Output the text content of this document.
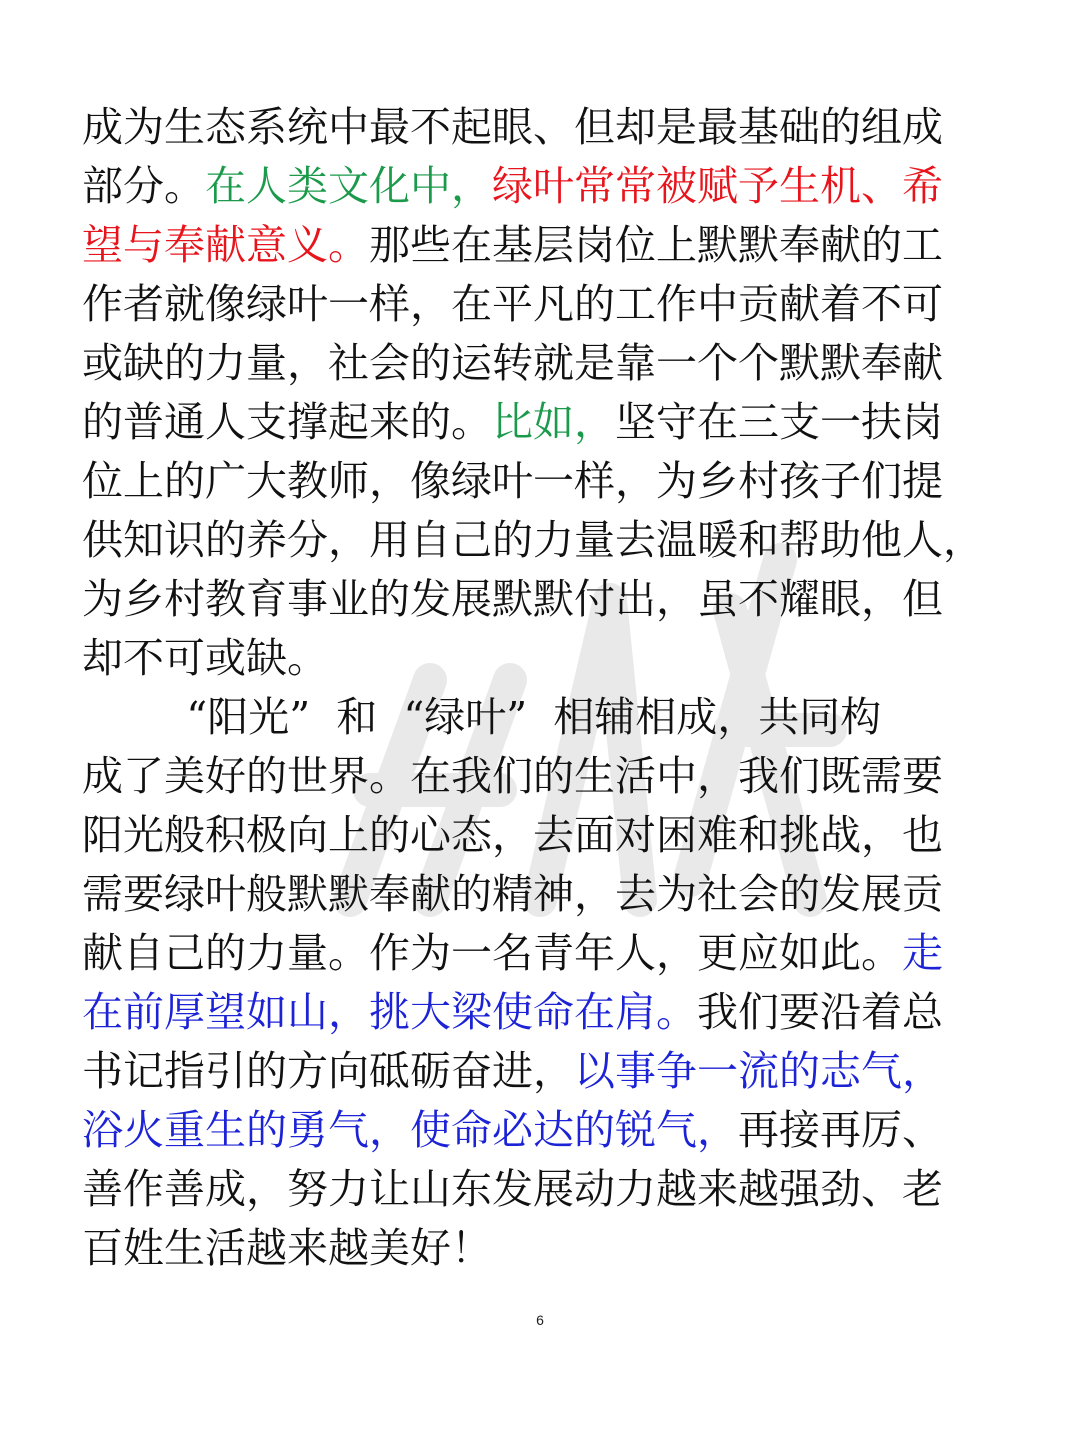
成为生态系统中最不起眼、但却是最基础的组成
部分。在人类文化中，绿叶常常被赋予生机、希
望与奉献意义。那些在基层岗位上默默奉献的工
作者就像绿叶一样，在平凡的工作中贡献着不可
或缺的力量，社会的运转就是靠一个个默默奉献
的普通人支撑起来的。比如，坚守在三支一扶岗
位上的广大教师，像绿叶一样，为乡村孩子们提
供知识的养分，用自己的力量去温暖和帮助他人，
为乡村教育事业的发展默默付出，虽不耀眼，但
却不可或缺。
“阳光”  和  “绿叶”  相辅相成，共同构
成了美好的世界。在我们的生活中，我们既需要
阳光般积极向上的心态，去面对困难和挑战，也
需要绿叶般默默奉献的精神，去为社会的发展贡
献自己的力量。作为一名青年人，更应如此。走
在前厚望如山，挑大梁使命在肩。我们要沿着总
书记指引的方向砥砺奋进，以事争一流的志气，
浴火重生的勇气，使命必达的锐气，再接再厉、
善作善成，努力让山东发展动力越来越强劲、老
百姓生活越来越美好！
6
